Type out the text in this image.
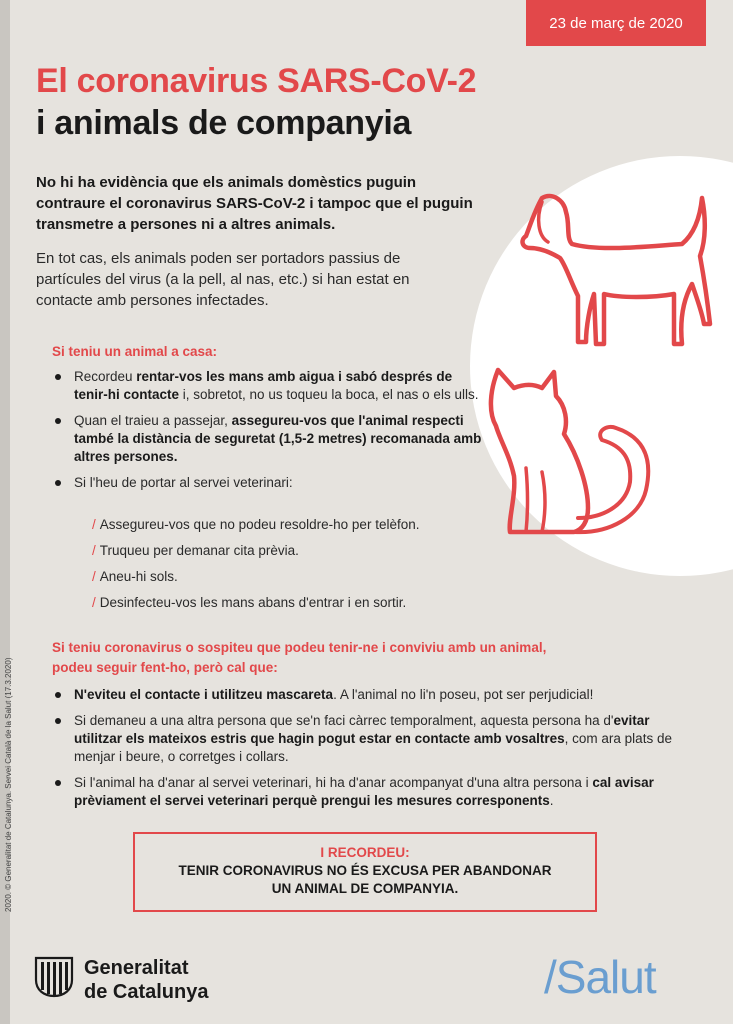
23 de març de 2020
El coronavirus SARS-CoV-2
i animals de companyia
No hi ha evidència que els animals domèstics puguin contraure el coronavirus SARS-CoV-2 i tampoc que el puguin transmetre a persones ni a altres animals.
En tot cas, els animals poden ser portadors passius de partícules del virus (a la pell, al nas, etc.) si han estat en contacte amb persones infectades.
Si teniu un animal a casa:
Recordeu rentar-vos les mans amb aigua i sabó després de tenir-hi contacte i, sobretot, no us toqueu la boca, el nas o els ulls.
Quan el traieu a passejar, assegureu-vos que l'animal respecti també la distància de seguretat (1,5-2 metres) recomanada amb altres persones.
Si l'heu de portar al servei veterinari:
/ Assegureu-vos que no podeu resoldre-ho per telèfon.
/ Truqueu per demanar cita prèvia.
/ Aneu-hi sols.
/ Desinfecteu-vos les mans abans d'entrar i en sortir.
Si teniu coronavirus o sospiteu que podeu tenir-ne i conviviu amb un animal,
podeu seguir fent-ho, però cal que:
N'eviteu el contacte i utilitzeu mascareta. A l'animal no li'n poseu, pot ser perjudicial!
Si demaneu a una altra persona que se'n faci càrrec temporalment, aquesta persona ha d'evitar utilitzar els mateixos estris que hagin pogut estar en contacte amb vosaltres, com ara plats de menjar i beure, o corretges i collars.
Si l'animal ha d'anar al servei veterinari, hi ha d'anar acompanyat d'una altra persona i cal avisar prèviament el servei veterinari perquè prengui les mesures corresponents.
I RECORDEU:
TENIR CORONAVIRUS NO ÉS EXCUSA PER ABANDONAR
UN ANIMAL DE COMPANYIA.
2020. © Generalitat de Catalunya. Servei Català de la Salut (17.3.2020)
Generalitat
de Catalunya	/Salut
